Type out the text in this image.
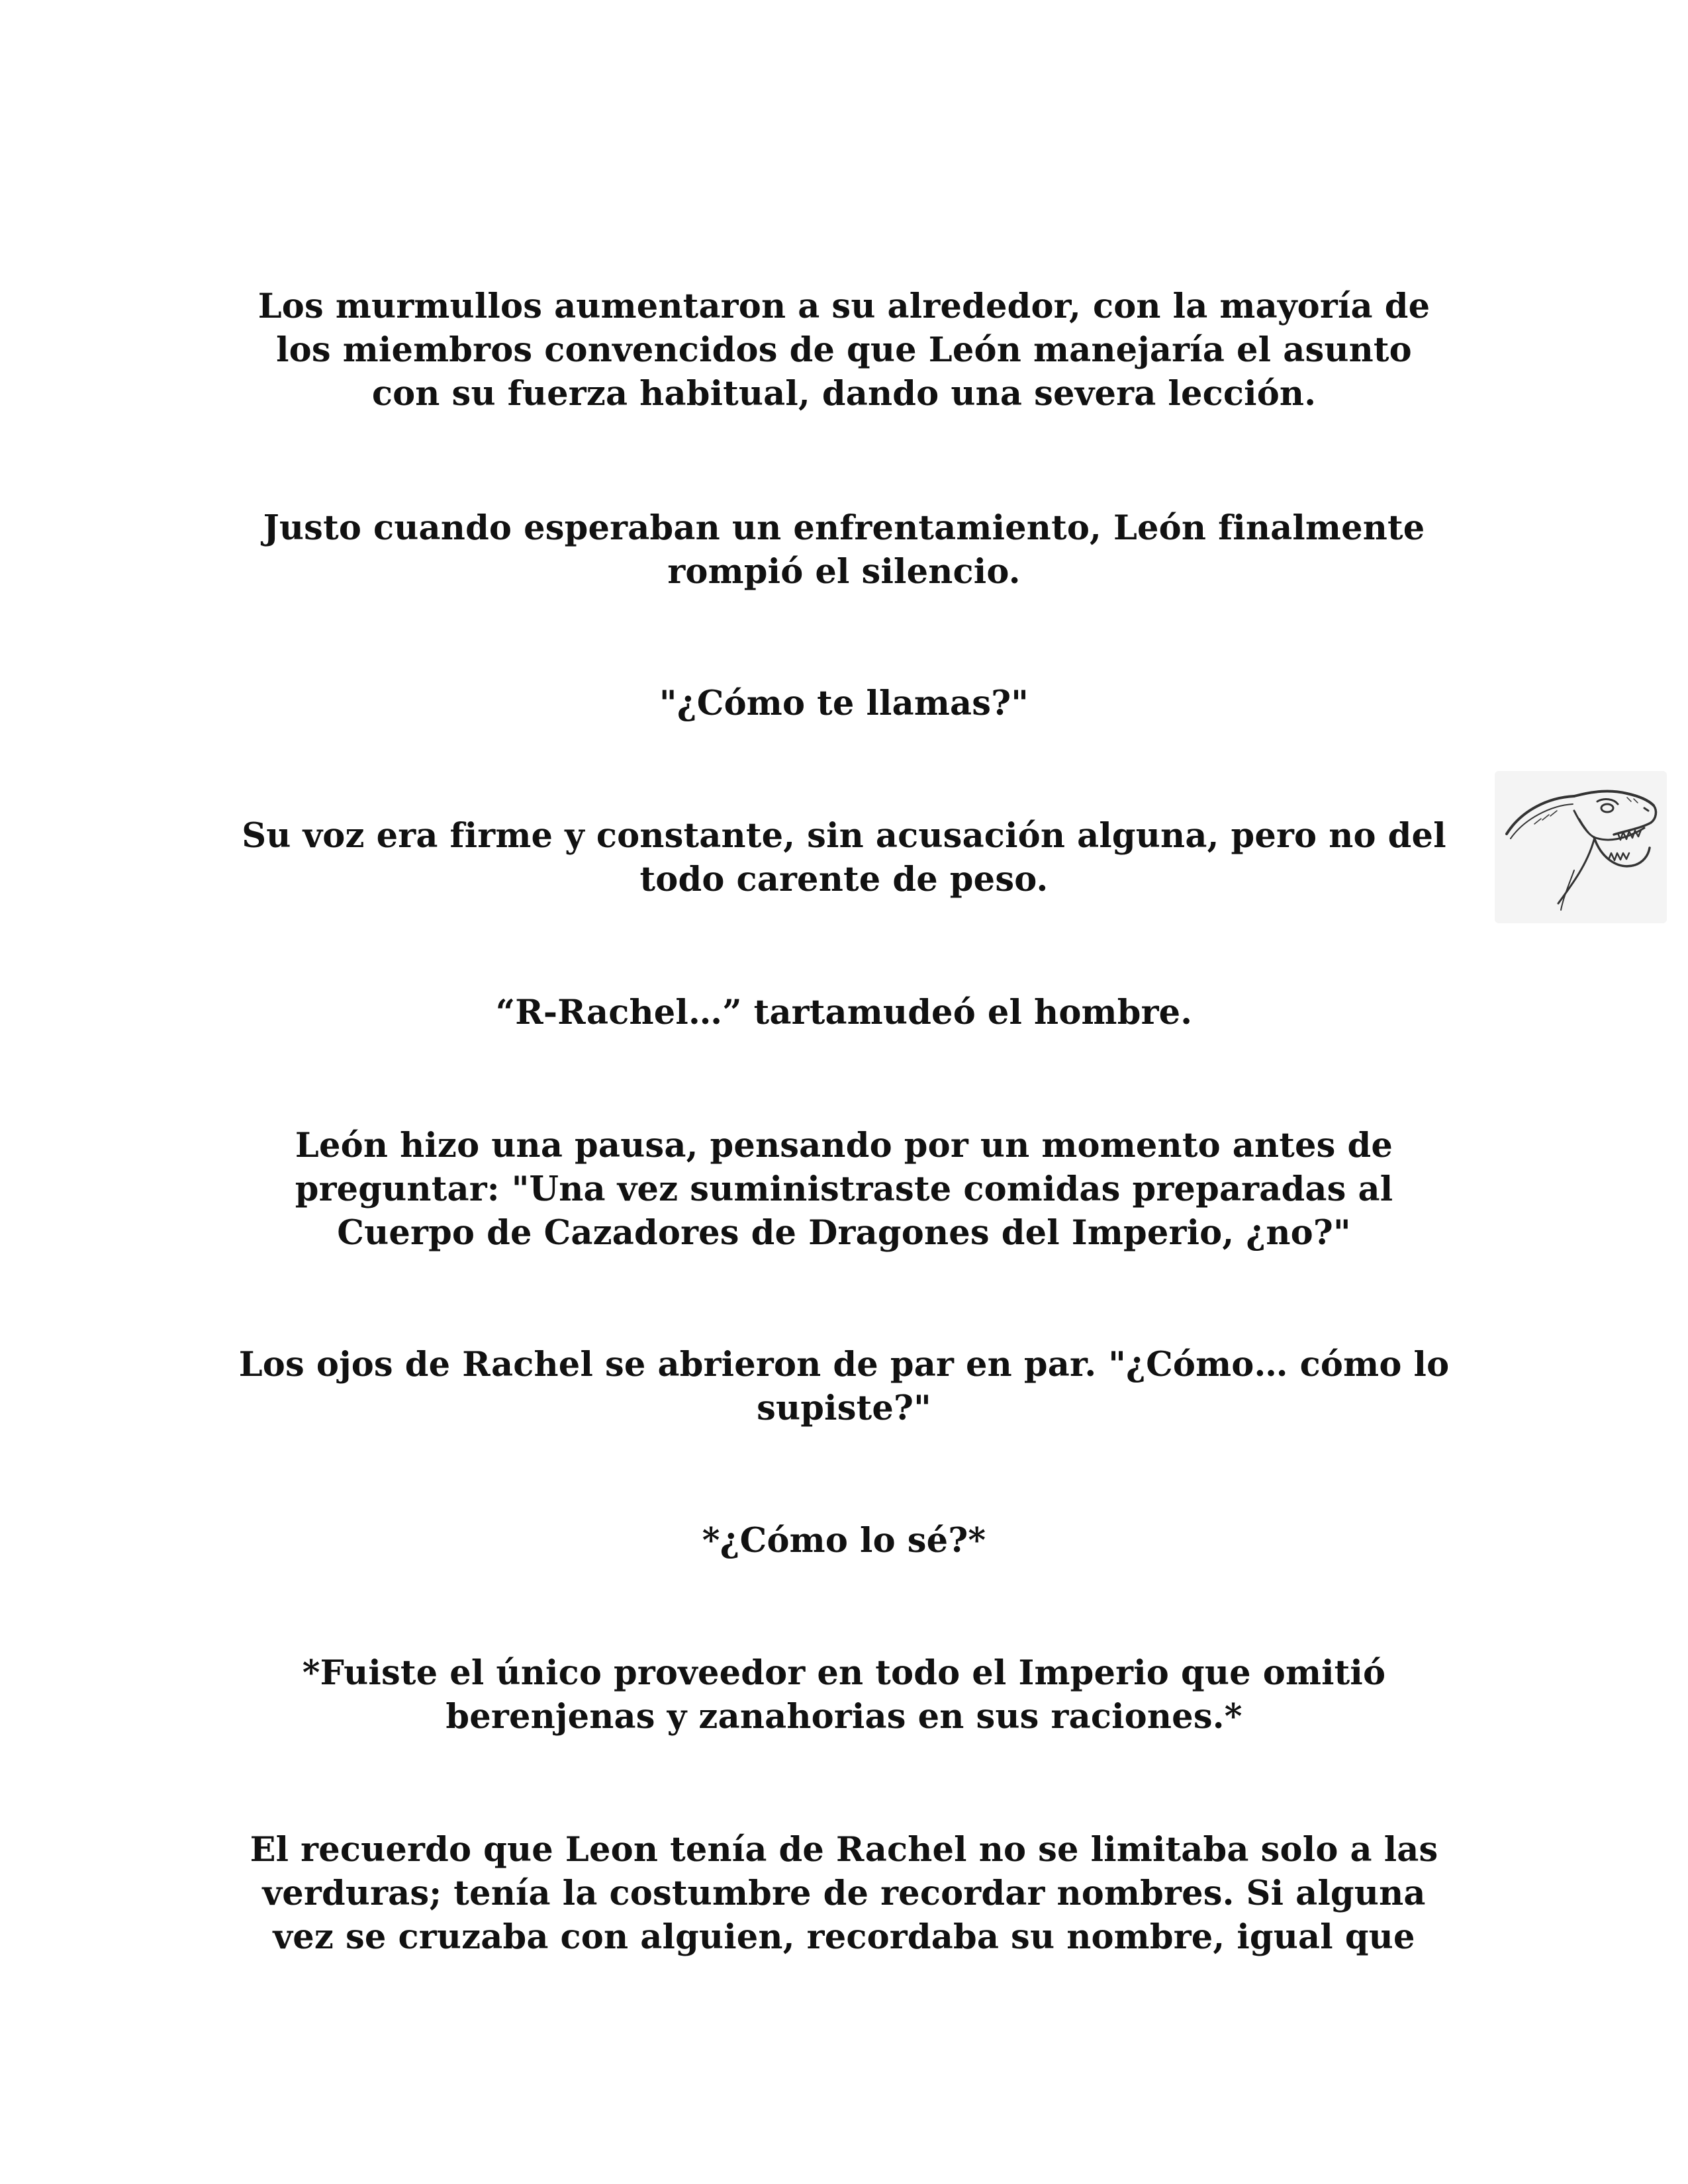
Los murmullos aumentaron a su alrededor, con la mayoría de
los miembros convencidos de que León manejaría el asunto
con su fuerza habitual, dando una severa lección.

Justo cuando esperaban un enfrentamiento, León finalmente
rompió el silencio.

"¿Cómo te llamas?"

Su voz era firme y constante, sin acusación alguna, pero no del
todo carente de peso.

“R-Rachel…” tartamudeó el hombre.

León hizo una pausa, pensando por un momento antes de
preguntar: "Una vez suministraste comidas preparadas al
Cuerpo de Cazadores de Dragones del Imperio, ¿no?"

Los ojos de Rachel se abrieron de par en par. "¿Cómo… cómo lo
supiste?"

*¿Cómo lo sé?*

*Fuiste el único proveedor en todo el Imperio que omitió
berenjenas y zanahorias en sus raciones.*

El recuerdo que Leon tenía de Rachel no se limitaba solo a las
verduras; tenía la costumbre de recordar nombres. Si alguna
vez se cruzaba con alguien, recordaba su nombre, igual que
